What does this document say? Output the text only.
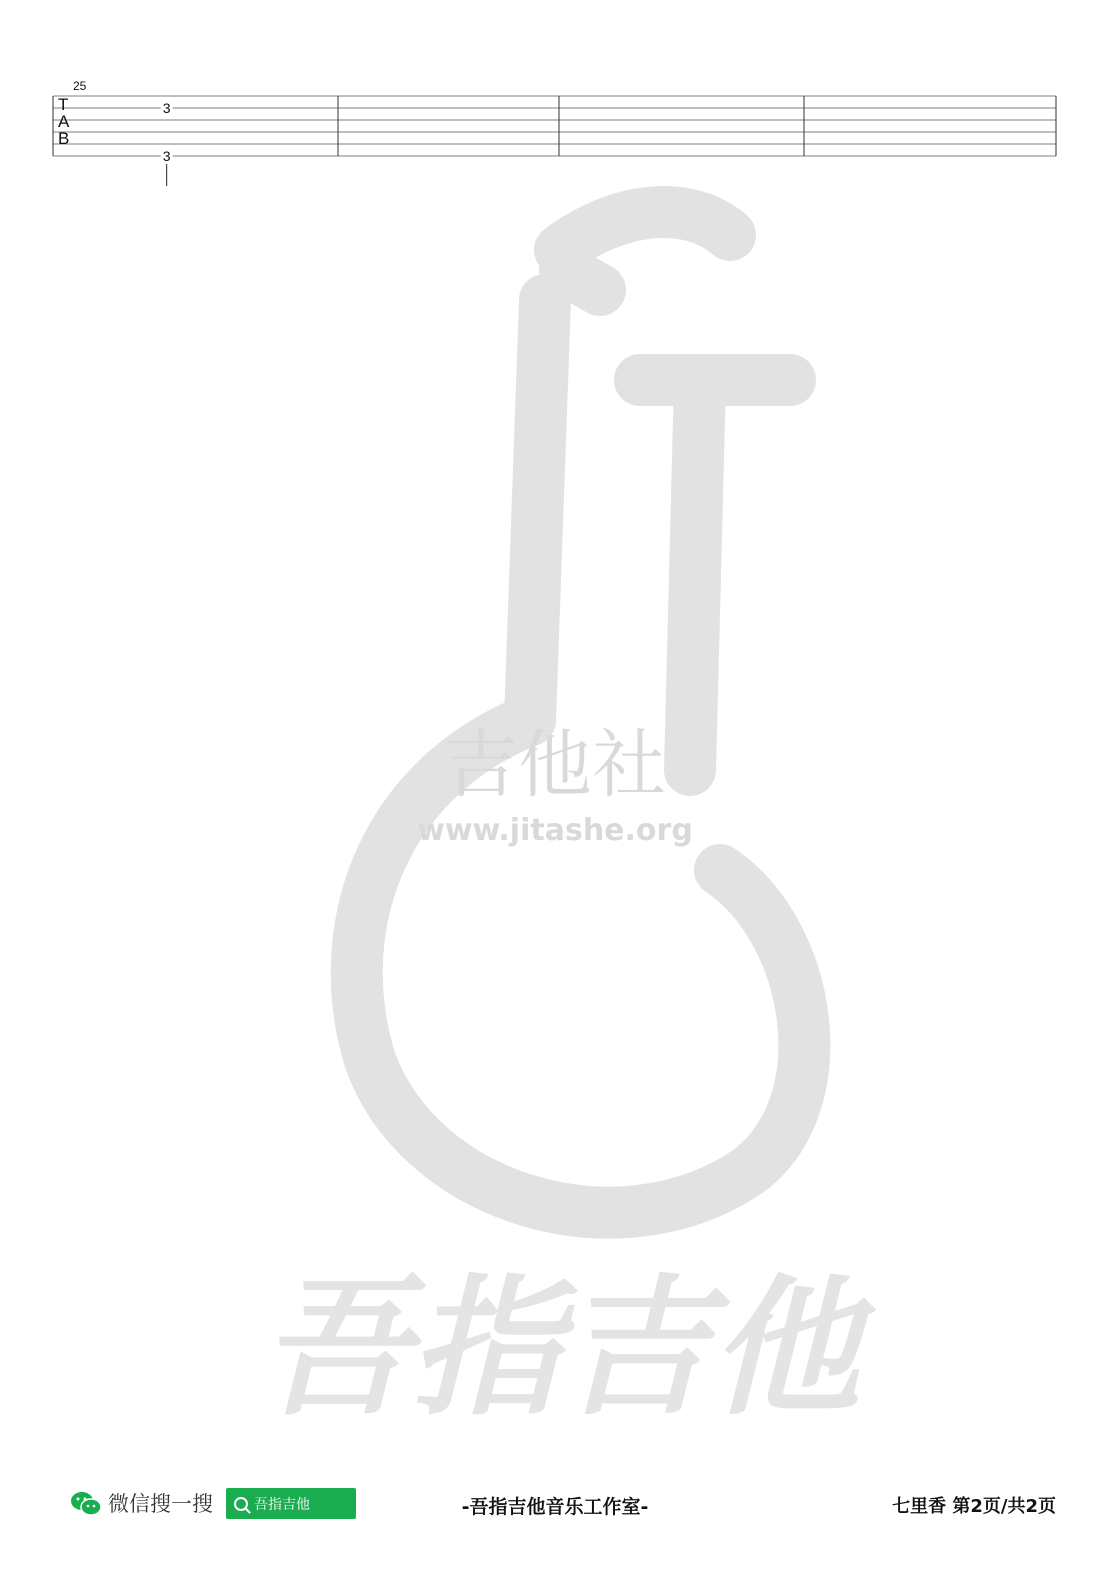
吉他社
www.jitashe.org
吾指吉他
T
A
B
25
3
3
微信搜一搜	吾指吉他	-吾指吉他音乐工作室-	七里香 第2页/共2页
